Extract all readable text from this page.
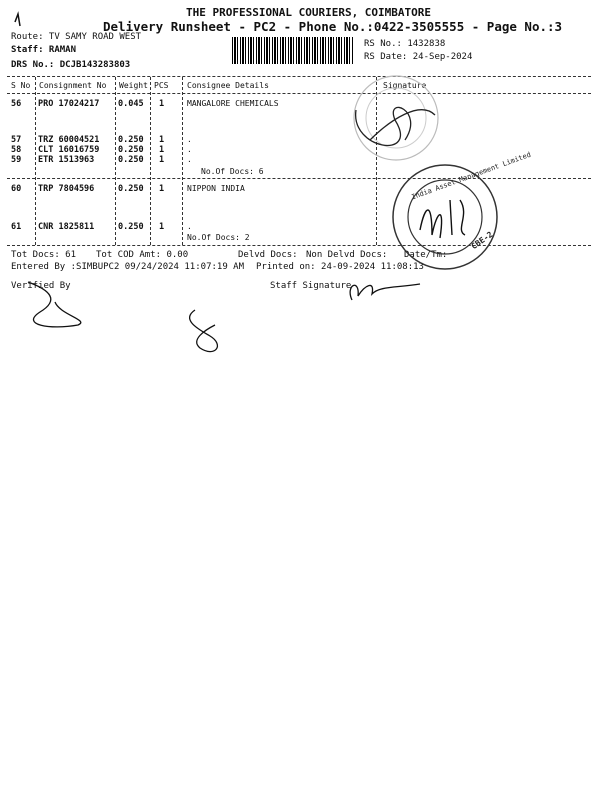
THE PROFESSIONAL COURIERS, COIMBATORE
Delivery Runsheet - PC2 - Phone No.:0422-3505555 - Page No.:3
Route: TV SAMY ROAD WEST
Staff: RAMAN
DRS No.: DCJB143283803
RS No.: 1432838
RS Date: 24-Sep-2024
S No Consignment No Weight PCS Consignee Details	Signature
56 PRO 17024217 0.045 1	MANGALORE CHEMICALS
57 TRZ 60004521 0.250 1	.
58 CLT 16016759 0.250 1	.
59 ETR 1513963	0.250 1	.
No.Of Docs: 6
60 TRP 7804596	0.250 1	NIPPON INDIA
61 CNR 1825811	0.250 1	.
No.Of Docs: 2
Tot Docs: 61 Tot COD Amt: 0.00	Delvd Docs: Non Delvd Docs: Date/Tm:
Entered By :SIMBUPC2 09/24/2024 11:07:19 AM Printed on: 24-09-2024 11:08:13
Verified By	Staff Signature
India Asset Management Limited
CBE-2
